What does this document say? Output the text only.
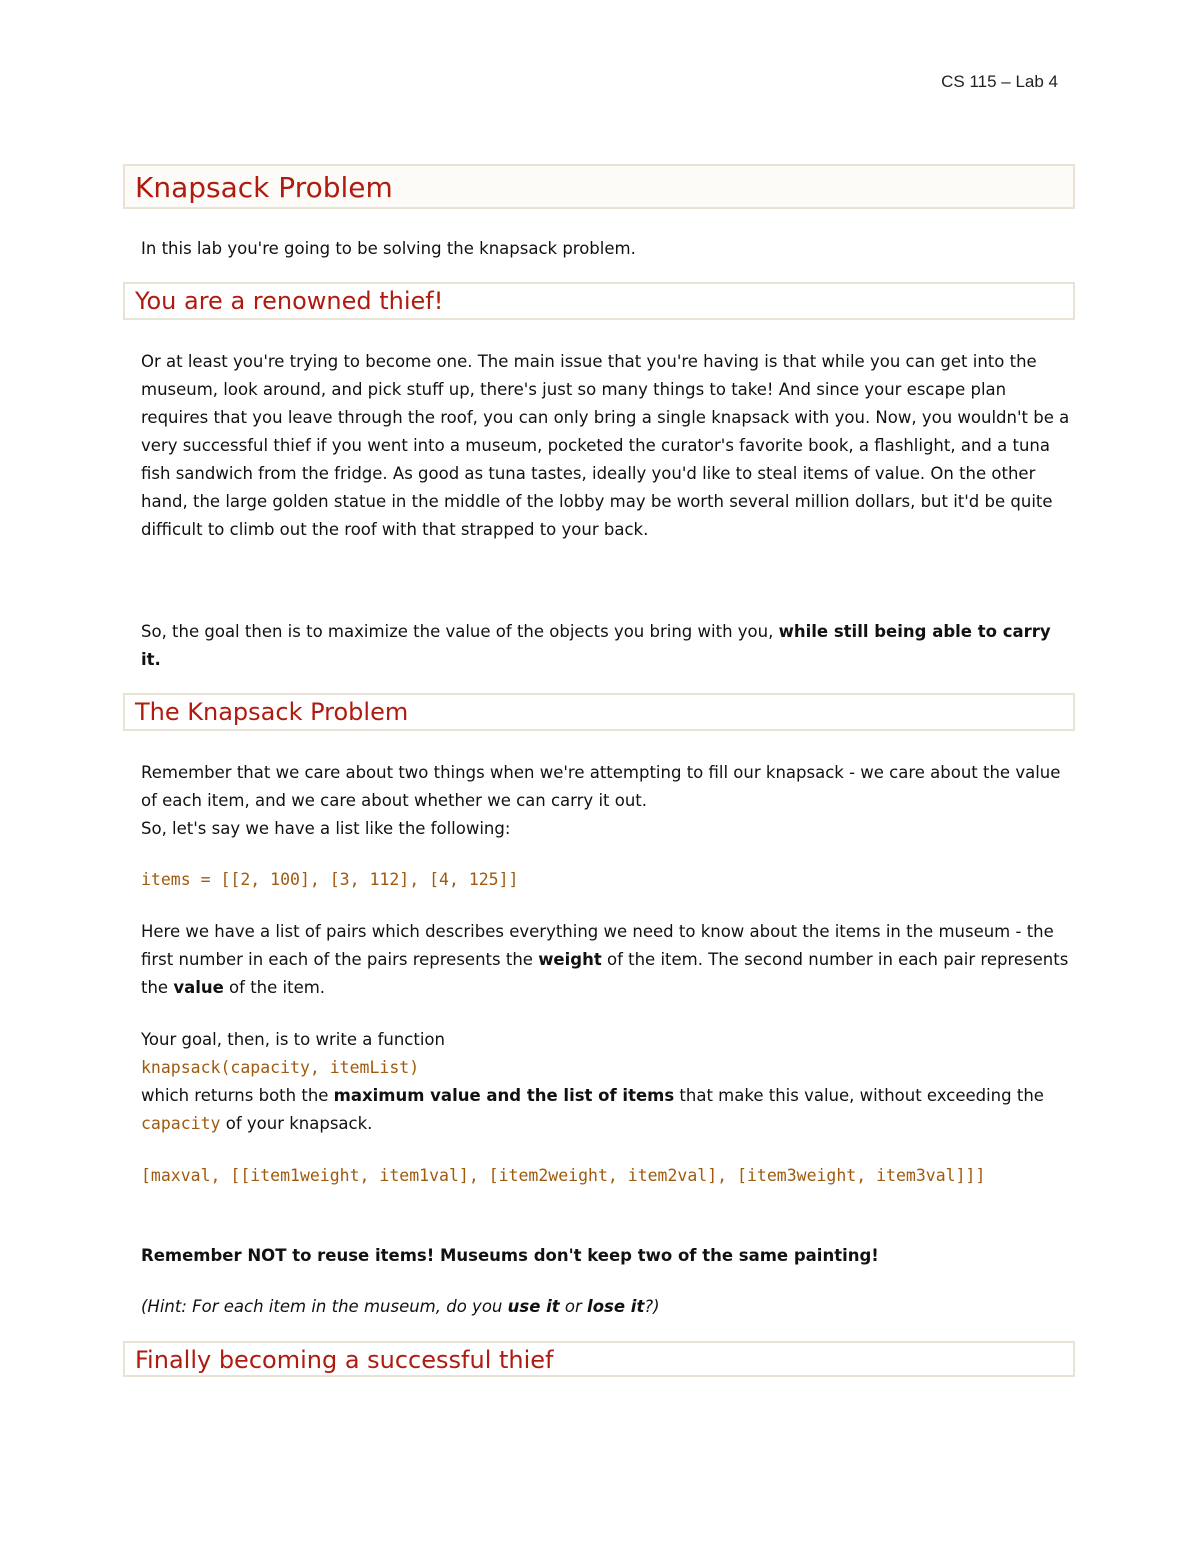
CS 115 – Lab 4
Knapsack Problem

In this lab you're going to be solving the knapsack problem.

You are a renowned thief!

Or at least you're trying to become one. The main issue that you're having is that while you can get into the museum, look around, and pick stuff up, there's just so many things to take! And since your escape plan requires that you leave through the roof, you can only bring a single knapsack with you. Now, you wouldn't be a very successful thief if you went into a museum, pocketed the curator's favorite book, a flashlight, and a tuna fish sandwich from the fridge. As good as tuna tastes, ideally you'd like to steal items of value. On the other hand, the large golden statue in the middle of the lobby may be worth several million dollars, but it'd be quite difficult to climb out the roof with that strapped to your back.

So, the goal then is to maximize the value of the objects you bring with you, while still being able to carry it.

The Knapsack Problem

Remember that we care about two things when we're attempting to fill our knapsack - we care about the value of each item, and we care about whether we can carry it out.
So, let's say we have a list like the following:

items = [[2, 100], [3, 112], [4, 125]]

Here we have a list of pairs which describes everything we need to know about the items in the museum - the first number in each of the pairs represents the weight of the item. The second number in each pair represents the value of the item.

Your goal, then, is to write a function
knapsack(capacity, itemList)
which returns both the maximum value and the list of items that make this value, without exceeding the capacity of your knapsack.

[maxval, [[item1weight, item1val], [item2weight, item2val], [item3weight, item3val]]]

Remember NOT to reuse items! Museums don't keep two of the same painting!

(Hint: For each item in the museum, do you use it or lose it?)

Finally becoming a successful thief
